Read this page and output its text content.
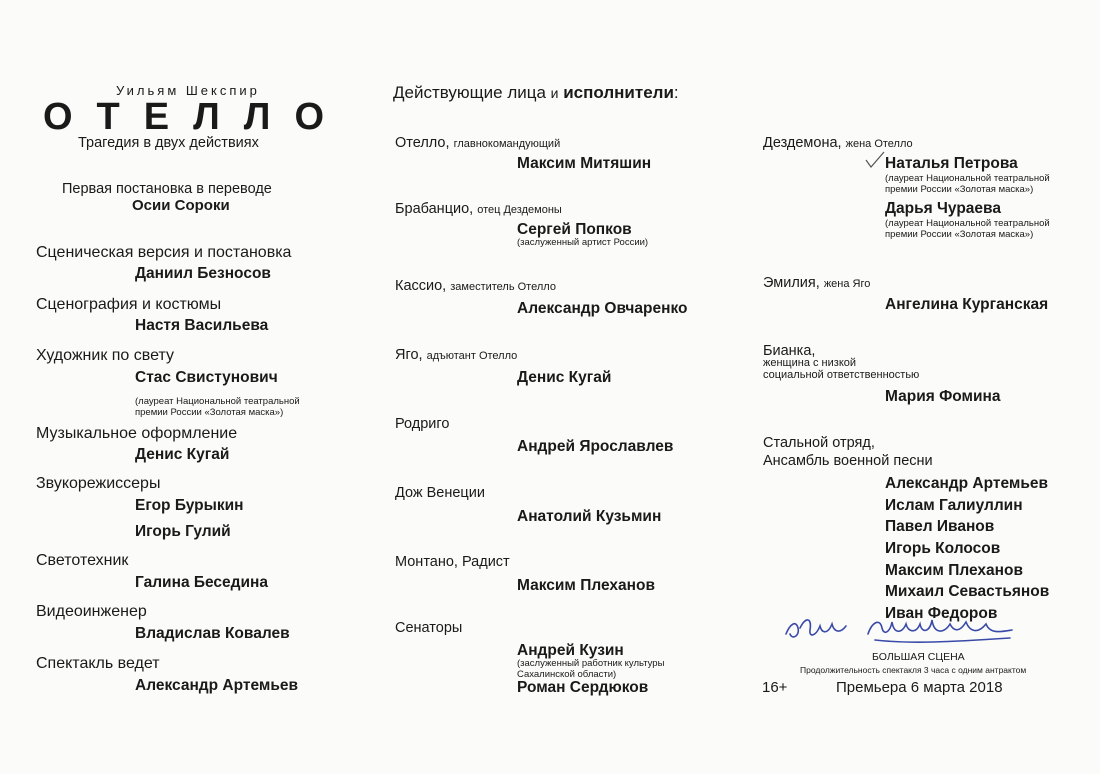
Уильям Шекспир
ОТЕЛЛО
Трагедия в двух действиях
Первая постановка в переводе
Осии Сороки
Сценическая версия и постановка
Даниил Безносов
Сценография и костюмы
Настя Васильева
Художник по свету
Стас Свистунович
(лауреат Национальной театральной
премии России «Золотая маска»)
Музыкальное оформление
Денис Кугай
Звукорежиссеры
Егор Бурыкин
Игорь Гулий
Светотехник
Галина Беседина
Видеоинженер
Владислав Ковалев
Спектакль ведет
Александр Артемьев
Действующие лица и исполнители:
Отелло, главнокомандующий
Максим Митяшин
Брабанцио, отец Дездемоны
Сергей Попков
(заслуженный артист России)
Кассио, заместитель Отелло
Александр Овчаренко
Яго, адъютант Отелло
Денис Кугай
Родриго
Андрей Ярославлев
Дож Венеции
Анатолий Кузьмин
Монтано, Радист
Максим Плеханов
Сенаторы
Андрей Кузин
(заслуженный работник культуры
Сахалинской области)
Роман Сердюков
Дездемона, жена Отелло
Наталья Петрова
(лауреат Национальной театральной
премии России «Золотая маска»)
Дарья Чураева
(лауреат Национальной театральной
премии России «Золотая маска»)
Эмилия, жена Яго
Ангелина Курганская
Бианка,
женщина с низкой
социальной ответственностью
Мария Фомина
Стальной отряд,
Ансамбль военной песни
Александр Артемьев
Ислам Галиуллин
Павел Иванов
Игорь Колосов
Максим Плеханов
Михаил Севастьянов
Иван Федоров
БОЛЬШАЯ СЦЕНА
Продолжительность спектакля 3 часа с одним антрактом
16+	Премьера 6 марта 2018
